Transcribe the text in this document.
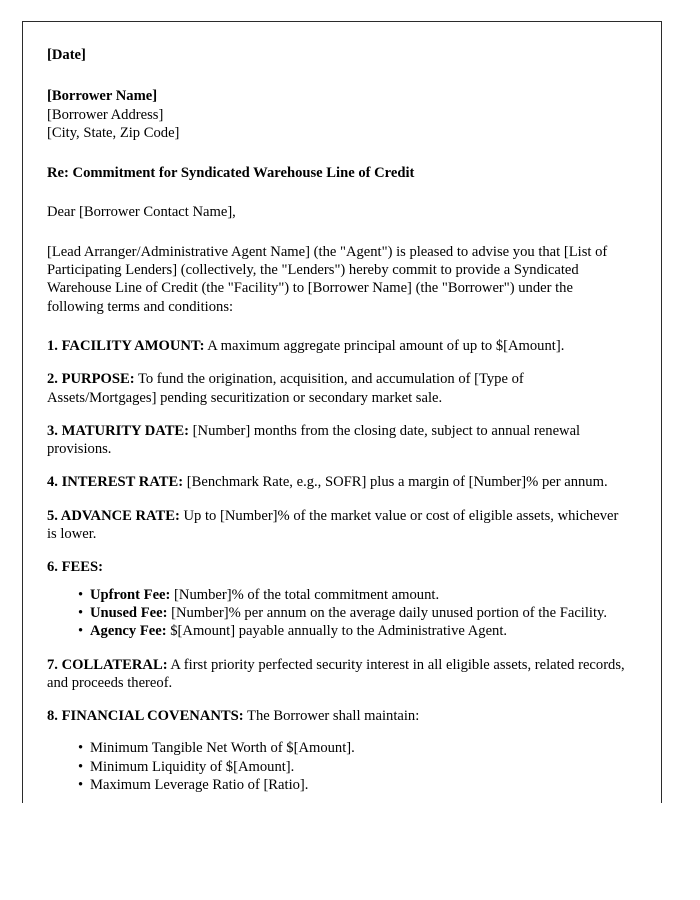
[Date]
[Borrower Name]
[Borrower Address]
[City, State, Zip Code]
Re: Commitment for Syndicated Warehouse Line of Credit
Dear [Borrower Contact Name],
[Lead Arranger/Administrative Agent Name] (the "Agent") is pleased to advise you that [List of Participating Lenders] (collectively, the "Lenders") hereby commit to provide a Syndicated Warehouse Line of Credit (the "Facility") to [Borrower Name] (the "Borrower") under the following terms and conditions:

1. FACILITY AMOUNT: A maximum aggregate principal amount of up to $[Amount].

2. PURPOSE: To fund the origination, acquisition, and accumulation of [Type of Assets/Mortgages] pending securitization or secondary market sale.

3. MATURITY DATE: [Number] months from the closing date, subject to annual renewal provisions.

4. INTEREST RATE: [Benchmark Rate, e.g., SOFR] plus a margin of [Number]% per annum.

5. ADVANCE RATE: Up to [Number]% of the market value or cost of eligible assets, whichever is lower.

6. FEES:

• Upfront Fee: [Number]% of the total commitment amount.
• Unused Fee: [Number]% per annum on the average daily unused portion of the Facility.
• Agency Fee: $[Amount] payable annually to the Administrative Agent.

7. COLLATERAL: A first priority perfected security interest in all eligible assets, related records, and proceeds thereof.

8. FINANCIAL COVENANTS: The Borrower shall maintain:

• Minimum Tangible Net Worth of $[Amount].
• Minimum Liquidity of $[Amount].
• Maximum Leverage Ratio of [Ratio].
